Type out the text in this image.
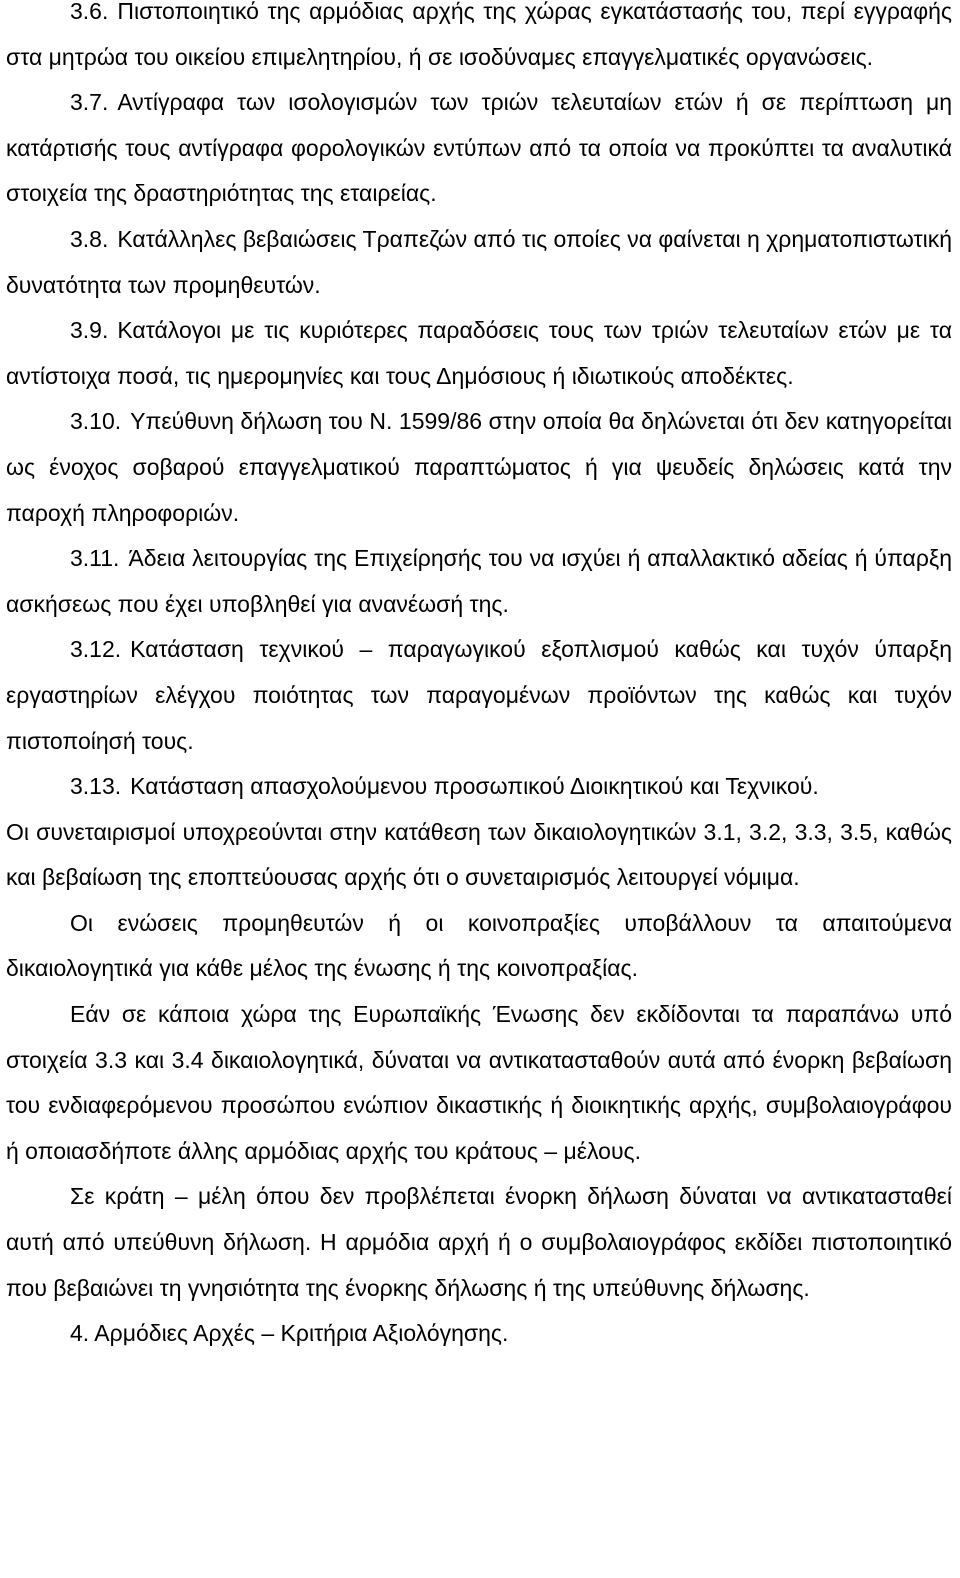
3.6. Πιστοποιητικό της αρμόδιας αρχής της χώρας εγκατάστασής του, περί εγγραφής στα μητρώα του οικείου επιμελητηρίου, ή σε ισοδύναμες επαγγελματικές οργανώσεις.

3.7. Αντίγραφα των ισολογισμών των τριών τελευταίων ετών ή σε περίπτωση μη κατάρτισής τους αντίγραφα φορολογικών εντύπων από τα οποία να προκύπτει τα αναλυτικά στοιχεία της δραστηριότητας της εταιρείας.

3.8. Κατάλληλες βεβαιώσεις Τραπεζών από τις οποίες να φαίνεται η χρηματοπιστωτική δυνατότητα των προμηθευτών.

3.9. Κατάλογοι με τις κυριότερες παραδόσεις τους των τριών τελευταίων ετών με τα αντίστοιχα ποσά, τις ημερομηνίες και τους Δημόσιους ή ιδιωτικούς αποδέκτες.

3.10. Υπεύθυνη δήλωση του Ν. 1599/86 στην οποία θα δηλώνεται ότι δεν κατηγορείται ως ένοχος σοβαρού επαγγελματικού παραπτώματος ή για ψευδείς δηλώσεις κατά την παροχή πληροφοριών.

3.11. Άδεια λειτουργίας της Επιχείρησής του να ισχύει ή απαλλακτικό αδείας ή ύπαρξη ασκήσεως που έχει υποβληθεί για ανανέωσή της.

3.12. Κατάσταση τεχνικού – παραγωγικού εξοπλισμού καθώς και τυχόν ύπαρξη εργαστηρίων ελέγχου ποιότητας των παραγομένων προϊόντων της καθώς και τυχόν πιστοποίησή τους.

3.13. Κατάσταση απασχολούμενου προσωπικού Διοικητικού και Τεχνικού.

Οι συνεταιρισμοί υποχρεούνται στην κατάθεση των δικαιολογητικών 3.1, 3.2, 3.3, 3.5, καθώς και βεβαίωση της εποπτεύουσας αρχής ότι ο συνεταιρισμός λειτουργεί νόμιμα.

Οι ενώσεις προμηθευτών ή οι κοινοπραξίες υποβάλλουν τα απαιτούμενα δικαιολογητικά για κάθε μέλος της ένωσης ή της κοινοπραξίας.

Εάν σε κάποια χώρα της Ευρωπαϊκής Ένωσης δεν εκδίδονται τα παραπάνω υπό στοιχεία 3.3 και 3.4 δικαιολογητικά, δύναται να αντικατασταθούν αυτά από ένορκη βεβαίωση του ενδιαφερόμενου προσώπου ενώπιον δικαστικής ή διοικητικής αρχής, συμβολαιογράφου ή οποιασδήποτε άλλης αρμόδιας αρχής του κράτους – μέλους.

Σε κράτη – μέλη όπου δεν προβλέπεται ένορκη δήλωση δύναται να αντικατασταθεί αυτή από υπεύθυνη δήλωση. Η αρμόδια αρχή ή ο συμβολαιογράφος εκδίδει πιστοποιητικό που βεβαιώνει τη γνησιότητα της ένορκης δήλωσης ή της υπεύθυνης δήλωσης.

4. Αρμόδιες Αρχές – Κριτήρια Αξιολόγησης.
